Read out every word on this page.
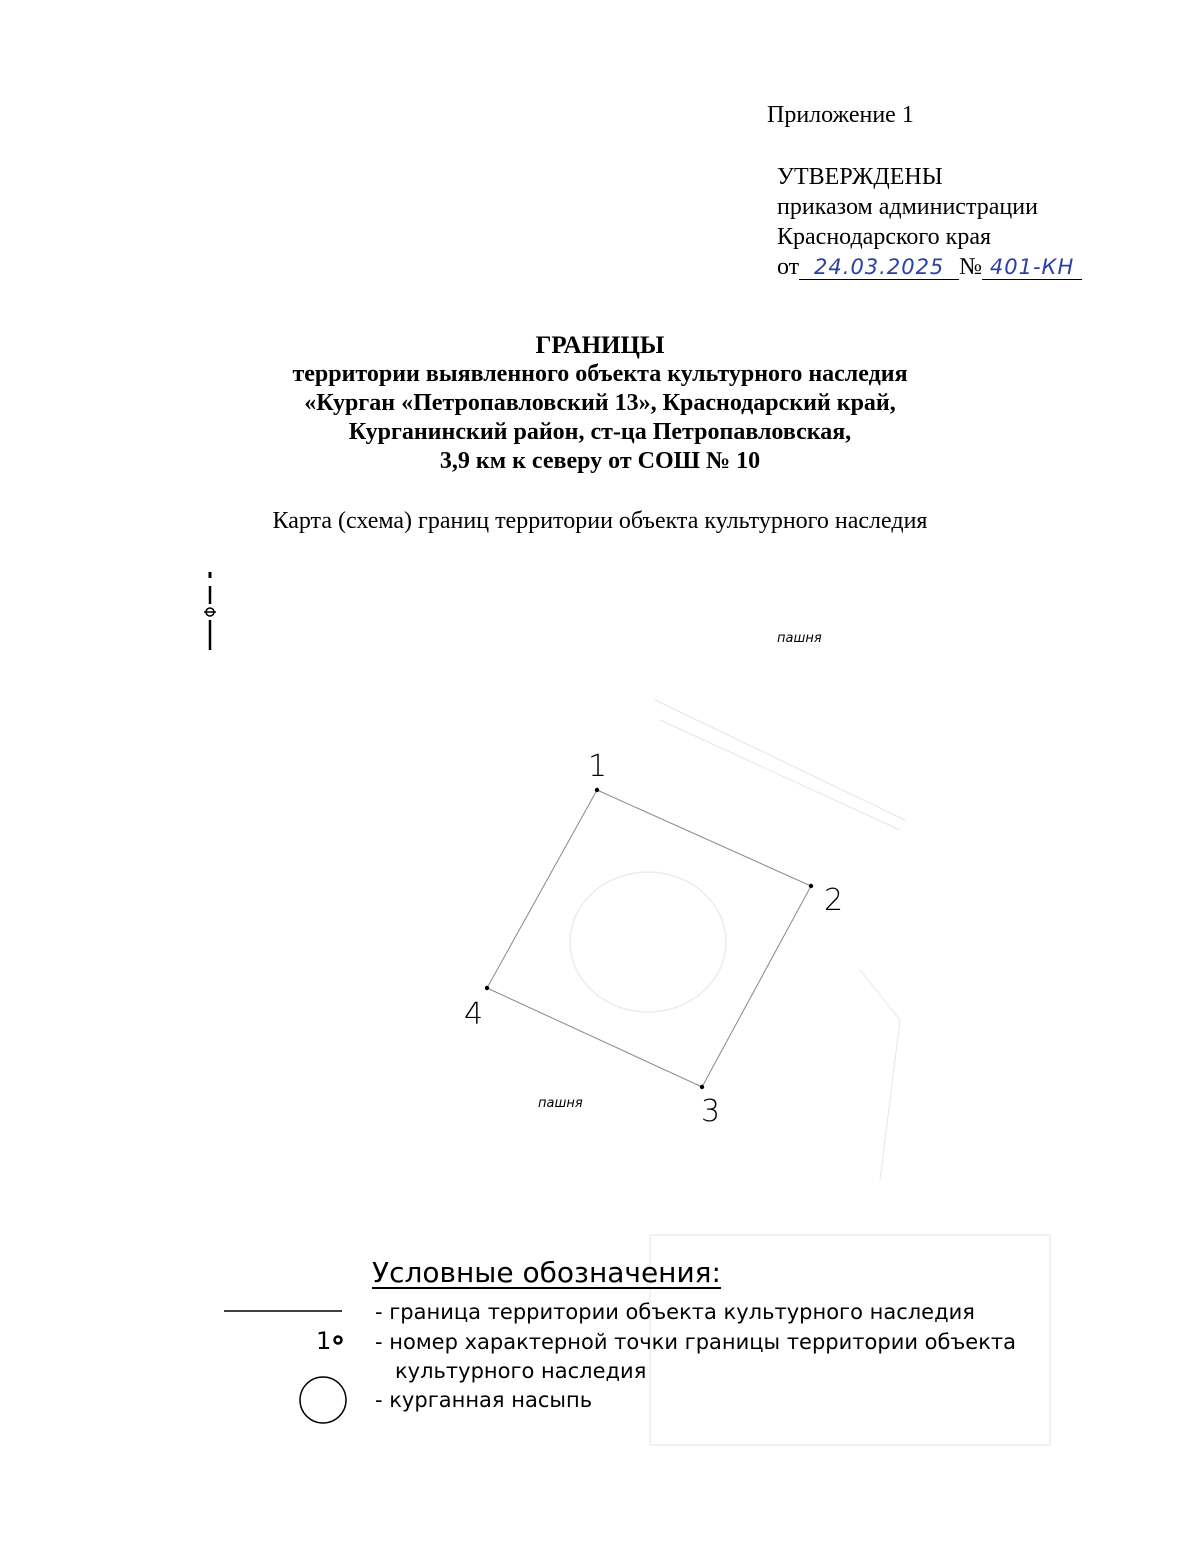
Приложение 1
УТВЕРЖДЕНЫ
приказом администрации
Краснодарского края
от 24.03.2025 № 401-КН
ГРАНИЦЫ
территории выявленного объекта культурного наследия
«Курган «Петропавловский 13», Краснодарский край,
Курганинский район, ст-ца Петропавловская,
3,9 км к северу от СОШ № 10
Карта (схема) границ территории объекта культурного наследия
1
2
3
4
пашня
пашня
1
Условные обозначения:
- граница территории объекта культурного наследия
- номер характерной точки границы территории объекта
культурного наследия
- курганная насыпь
